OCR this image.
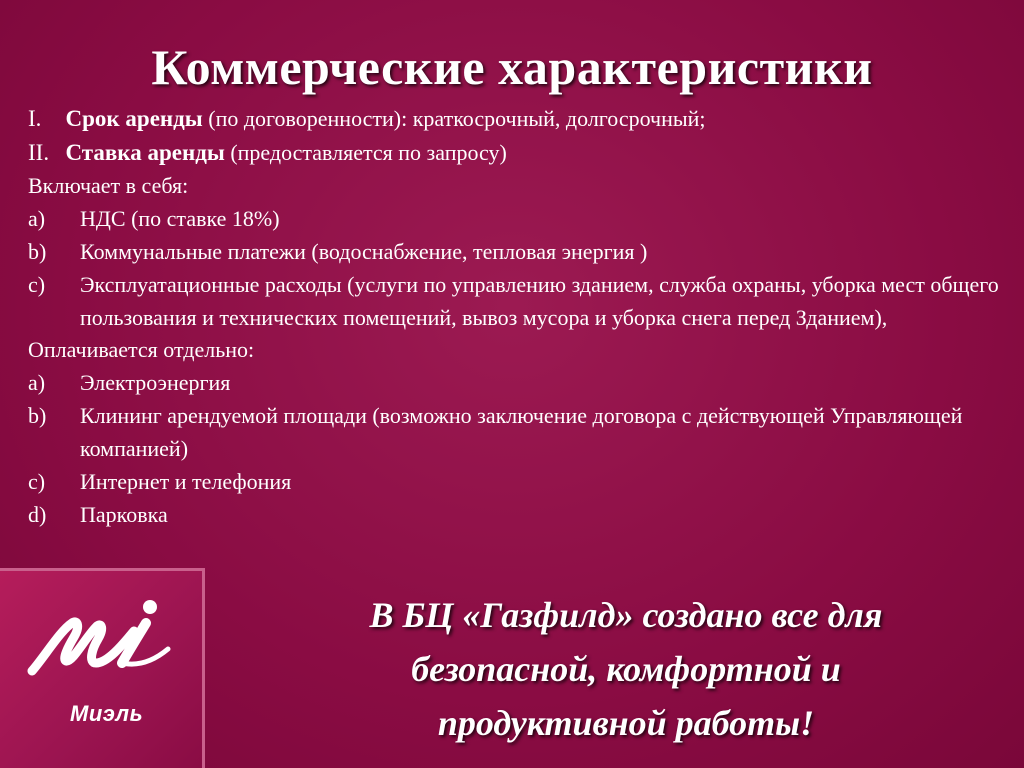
Коммерческие характеристики
I. Срок аренды (по договоренности): краткосрочный, долгосрочный;
II. Ставка аренды (предоставляется по запросу)
Включает в себя:
a) НДС (по ставке 18%)
b) Коммунальные платежи (водоснабжение, тепловая энергия )
c) Эксплуатационные расходы (услуги по управлению зданием, служба охраны, уборка мест общего пользования и технических помещений, вывоз мусора и уборка снега перед Зданием),
Оплачивается отдельно:
a) Электроэнергия
b) Клининг арендуемой площади (возможно заключение договора с действующей Управляющей компанией)
c) Интернет и телефония
d) Парковка
Миэль
В БЦ «Газфилд» создано все для
безопасной, комфортной и
продуктивной работы!
